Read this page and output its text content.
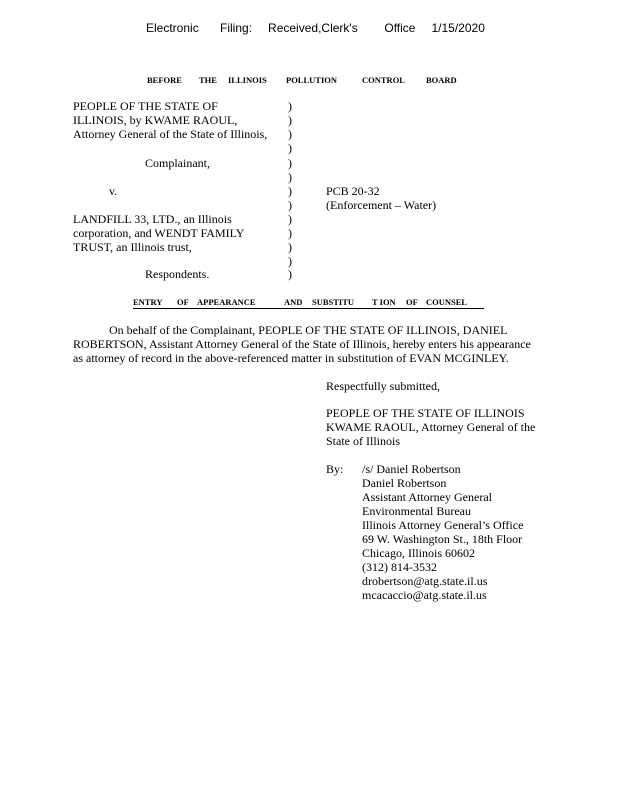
Electronic    Filing:   Received,Clerk's     Office   1/15/2020
BEFORE THE ILLINOIS POLLUTION	CONTROL BOARD
PEOPLE OF THE STATE OF
ILLINOIS, by KWAME RAOUL,
Attorney General of the State of Illinois,
Complainant,
v.
LANDFILL 33, LTD., an Illinois
corporation, and WENDT FAMILY
TRUST, an Illinois trust,
Respondents.
)
)
)
)
)
)
)
)
)
)
)
)
)
PCB 20-32
(Enforcement – Water)
ENTRY OF APPEARANCE	AND SUBSTITU T ION OF COUNSEL
On behalf of the Complainant, PEOPLE OF THE STATE OF ILLINOIS, DANIEL
ROBERTSON, Assistant Attorney General of the State of Illinois, hereby enters his appearance
as attorney of record in the above-referenced matter in substitution of EVAN MCGINLEY.
Respectfully submitted,
PEOPLE OF THE STATE OF ILLINOIS
KWAME RAOUL, Attorney General of the
State of Illinois
By: /s/ Daniel Robertson
Daniel Robertson
Assistant Attorney General
Environmental Bureau
Illinois Attorney General’s Office
69 W. Washington St., 18th Floor
Chicago, Illinois 60602
(312) 814-3532
drobertson@atg.state.il.us
mcacaccio@atg.state.il.us
